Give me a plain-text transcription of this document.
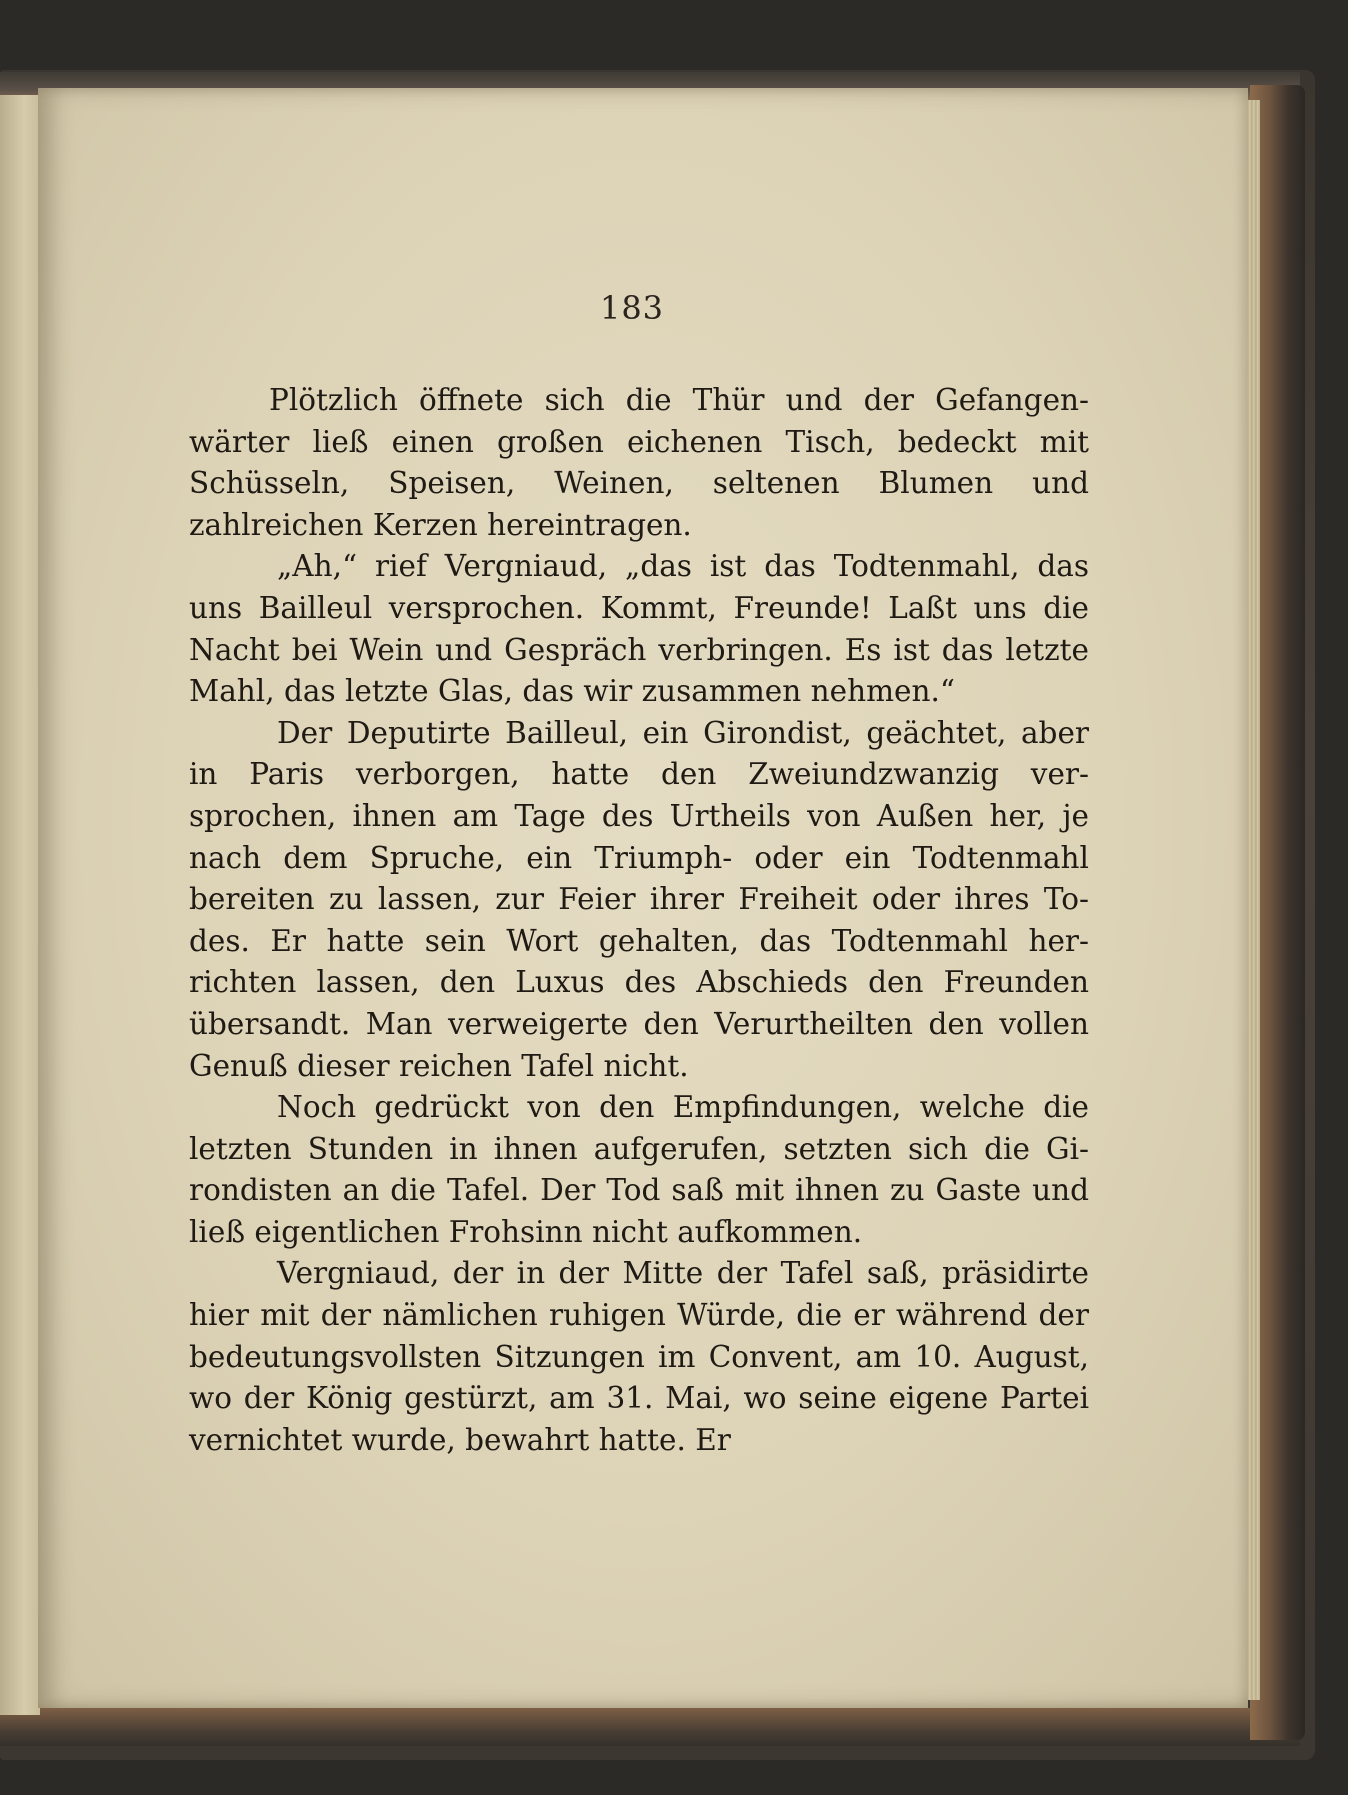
183

Plötzlich öffnete sich die Thür und der Gefangenwärter ließ einen großen eichenen Tisch, bedeckt mit Schüsseln, Speisen, Weinen, seltenen Blumen und zahlreichen Kerzen hereintragen.

„Ah,“ rief Vergniaud, „das ist das Todtenmahl, das uns Bailleul versprochen. Kommt, Freunde! Laßt uns die Nacht bei Wein und Gespräch verbringen. Es ist das letzte Mahl, das letzte Glas, das wir zusammen nehmen.“

Der Deputirte Bailleul, ein Girondist, geächtet, aber in Paris verborgen, hatte den Zweiundzwanzig versprochen, ihnen am Tage des Urtheils von Außen her, je nach dem Spruche, ein Triumph- oder ein Todtenmahl bereiten zu lassen, zur Feier ihrer Freiheit oder ihres Todes. Er hatte sein Wort gehalten, das Todtenmahl herrichten lassen, den Luxus des Abschieds den Freunden übersandt. Man verweigerte den Verurtheilten den vollen Genuß dieser reichen Tafel nicht.

Noch gedrückt von den Empfindungen, welche die letzten Stunden in ihnen aufgerufen, setzten sich die Girondisten an die Tafel. Der Tod saß mit ihnen zu Gaste und ließ eigentlichen Frohsinn nicht aufkommen.

Vergniaud, der in der Mitte der Tafel saß, präsidirte hier mit der nämlichen ruhigen Würde, die er während der bedeutungsvollsten Sitzungen im Convent, am 10. August, wo der König gestürzt, am 31. Mai, wo seine eigene Partei vernichtet wurde, bewahrt hatte. Er
